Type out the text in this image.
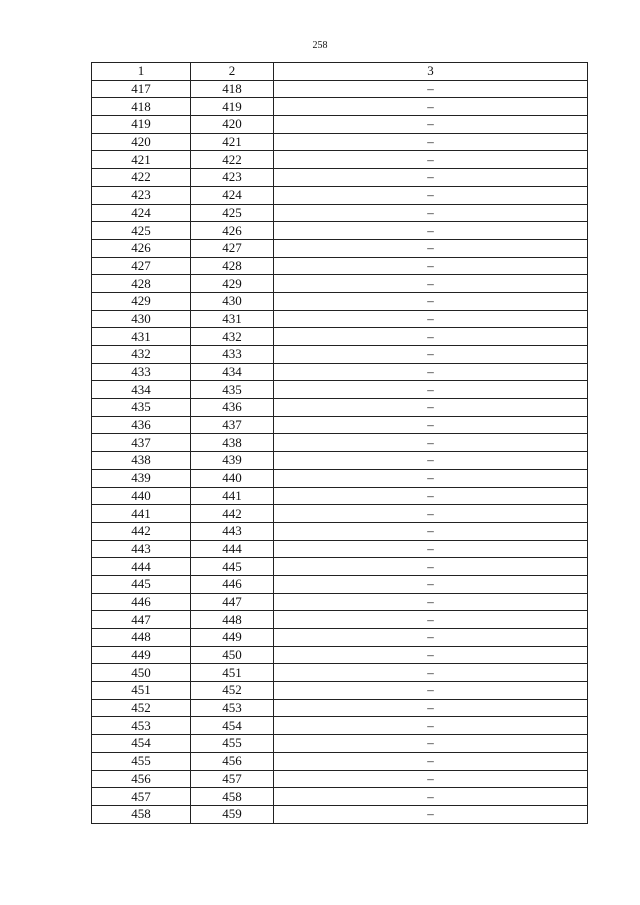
258
1	2	3
417	418	–
418	419	–
419	420	–
420	421	–
421	422	–
422	423	–
423	424	–
424	425	–
425	426	–
426	427	–
427	428	–
428	429	–
429	430	–
430	431	–
431	432	–
432	433	–
433	434	–
434	435	–
435	436	–
436	437	–
437	438	–
438	439	–
439	440	–
440	441	–
441	442	–
442	443	–
443	444	–
444	445	–
445	446	–
446	447	–
447	448	–
448	449	–
449	450	–
450	451	–
451	452	–
452	453	–
453	454	–
454	455	–
455	456	–
456	457	–
457	458	–
458	459	–
